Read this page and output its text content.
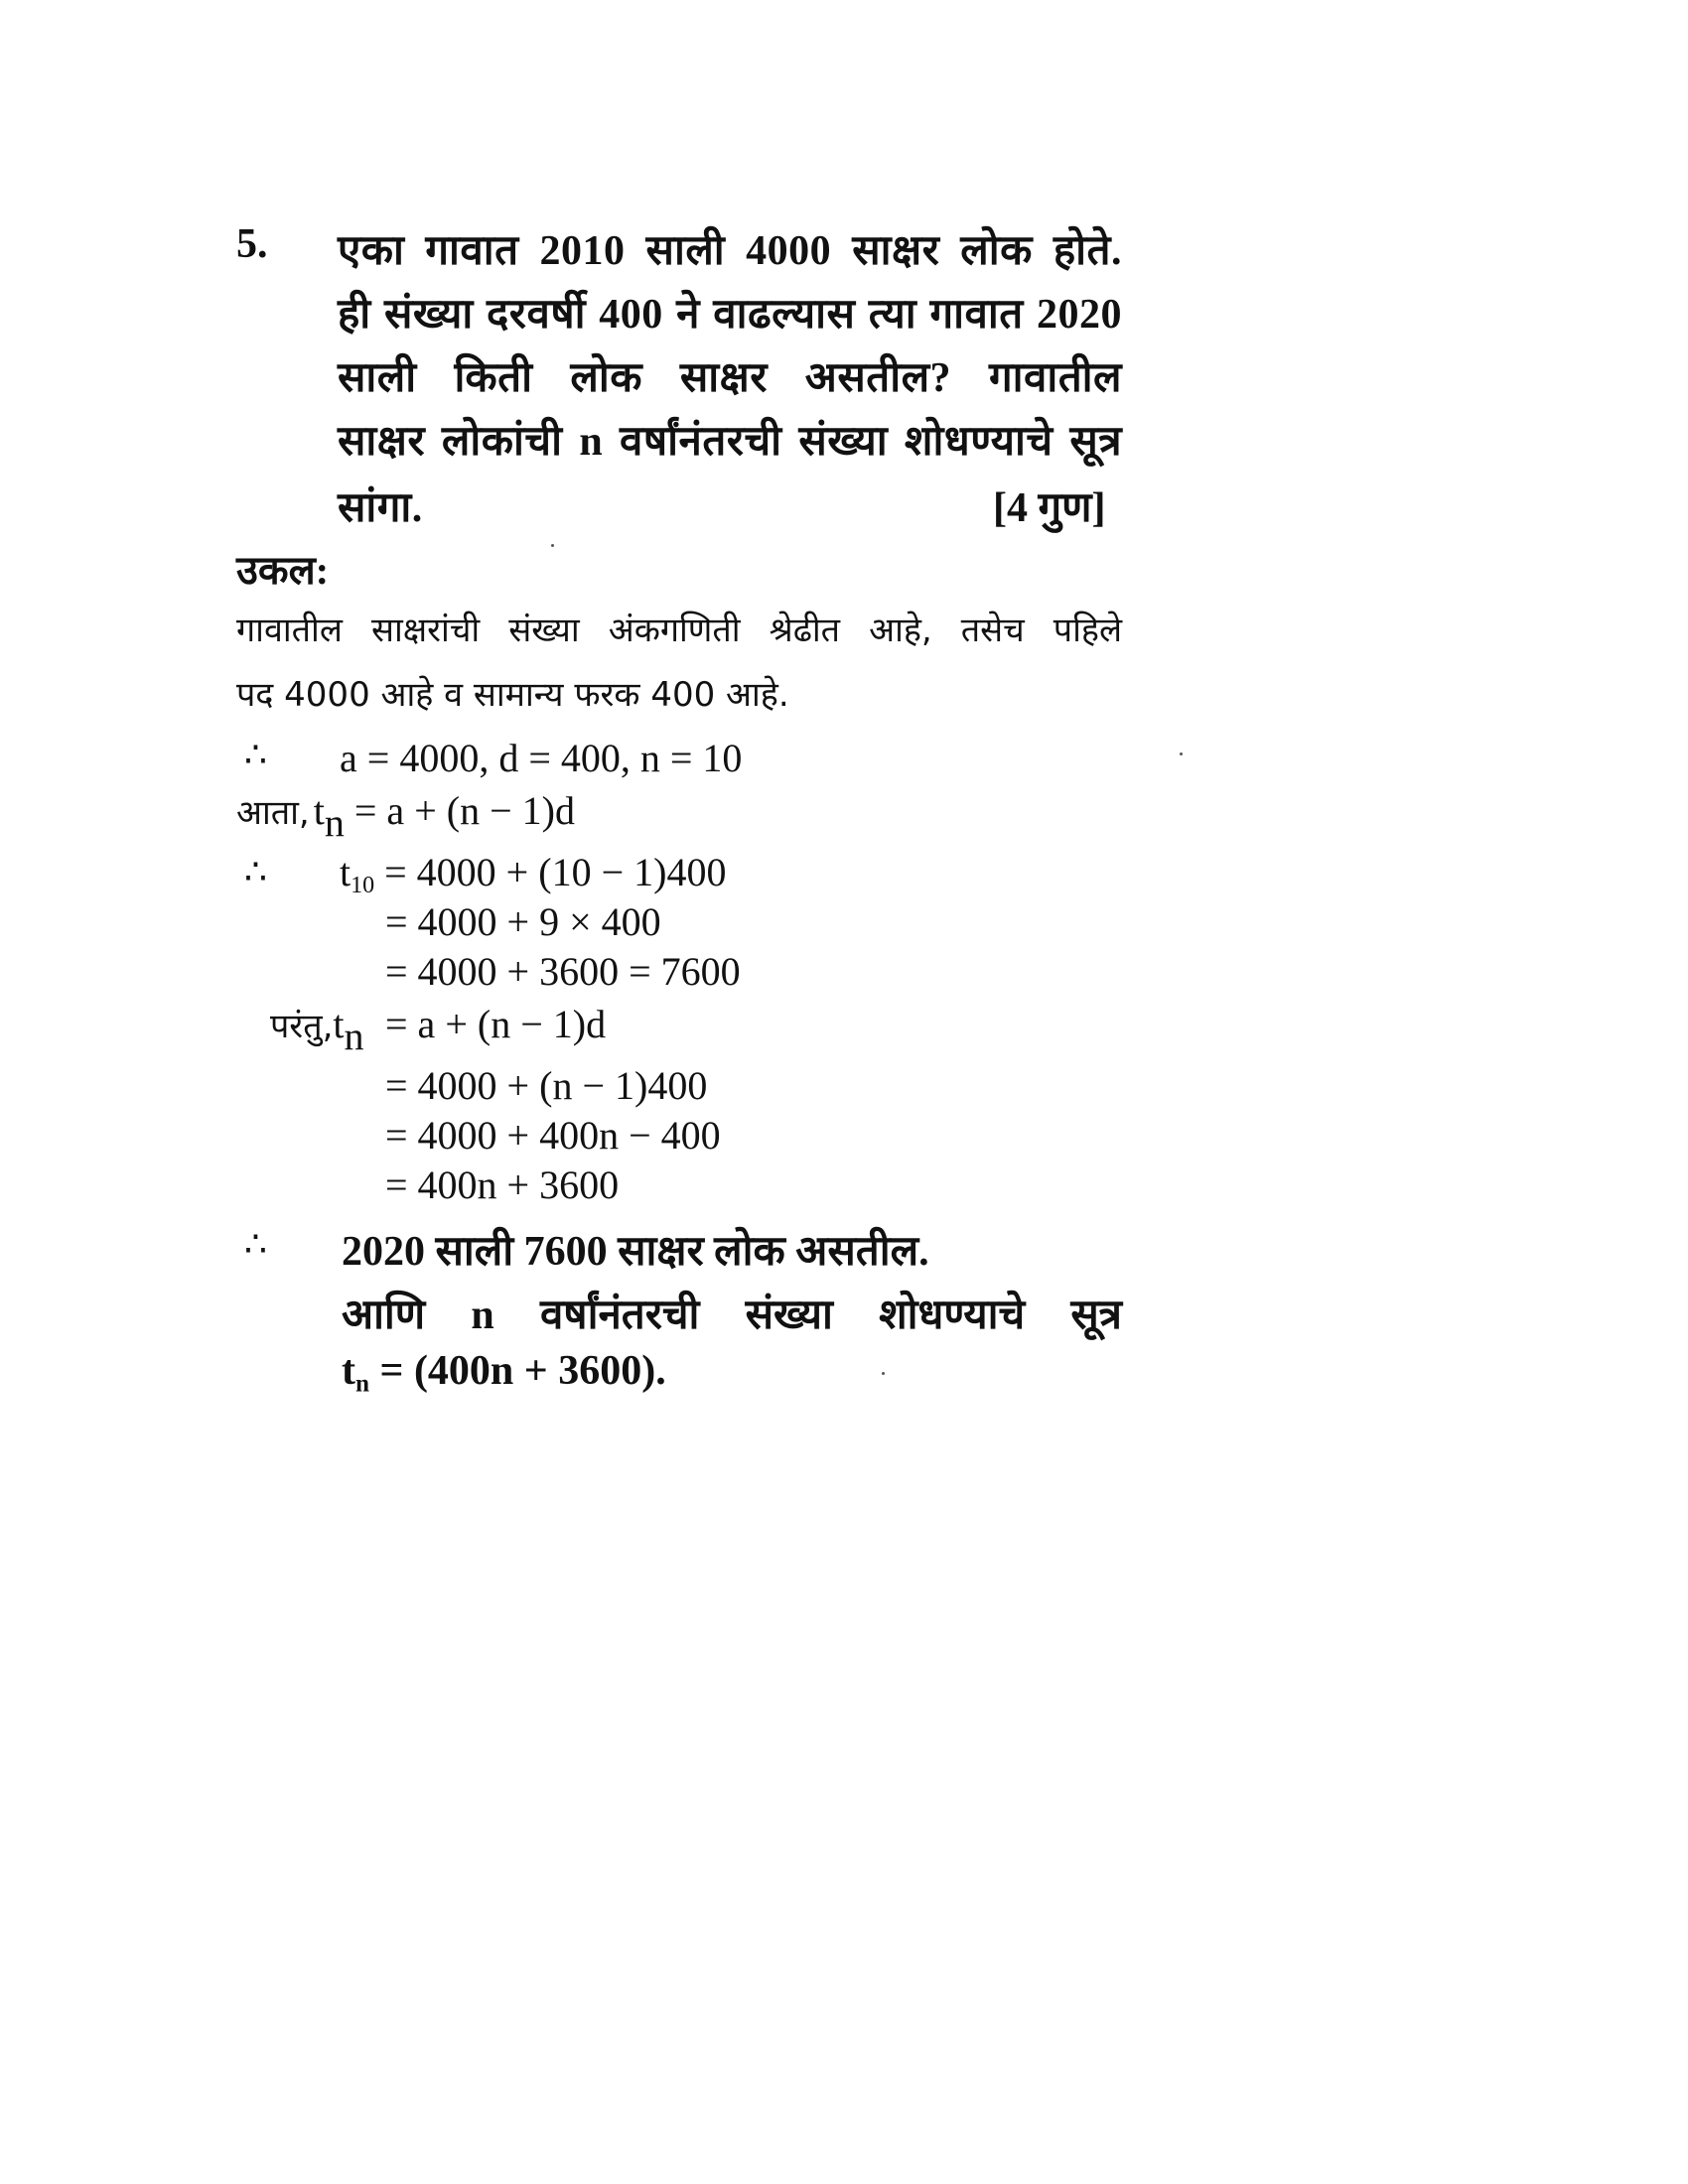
5. एका गावात 2010 साली 4000 साक्षर लोक होते.
ही संख्या दरवर्षी 400 ने वाढल्यास त्या गावात 2020
साली किती लोक साक्षर असतील? गावातील
साक्षर लोकांची n वर्षांनंतरची संख्या शोधण्याचे सूत्र
सांगा.	[4 गुण]
उकल:
गावातील साक्षरांची संख्या अंकगणिती श्रेढीत आहे, तसेच पहिले
पद 4000 आहे व सामान्य फरक 400 आहे.
∴ a = 4000, d = 400, n = 10
आता, $t_n = a + (n - 1)d$
∴ $t_{10} = 4000 + (10 - 1)400$
= 4000 + 9 × 400
= 4000 + 3600 = 7600
$परंतु,t_n = a + (n - 1)d$
= 4000 + (n − 1)400
= 4000 + 400n − 400
= 400n + 3600
∴ 2020 साली 7600 साक्षर लोक असतील.
आणि n वर्षांनंतरची संख्या शोधण्याचे सूत्र
$t_n = (400n + 3600)$.
